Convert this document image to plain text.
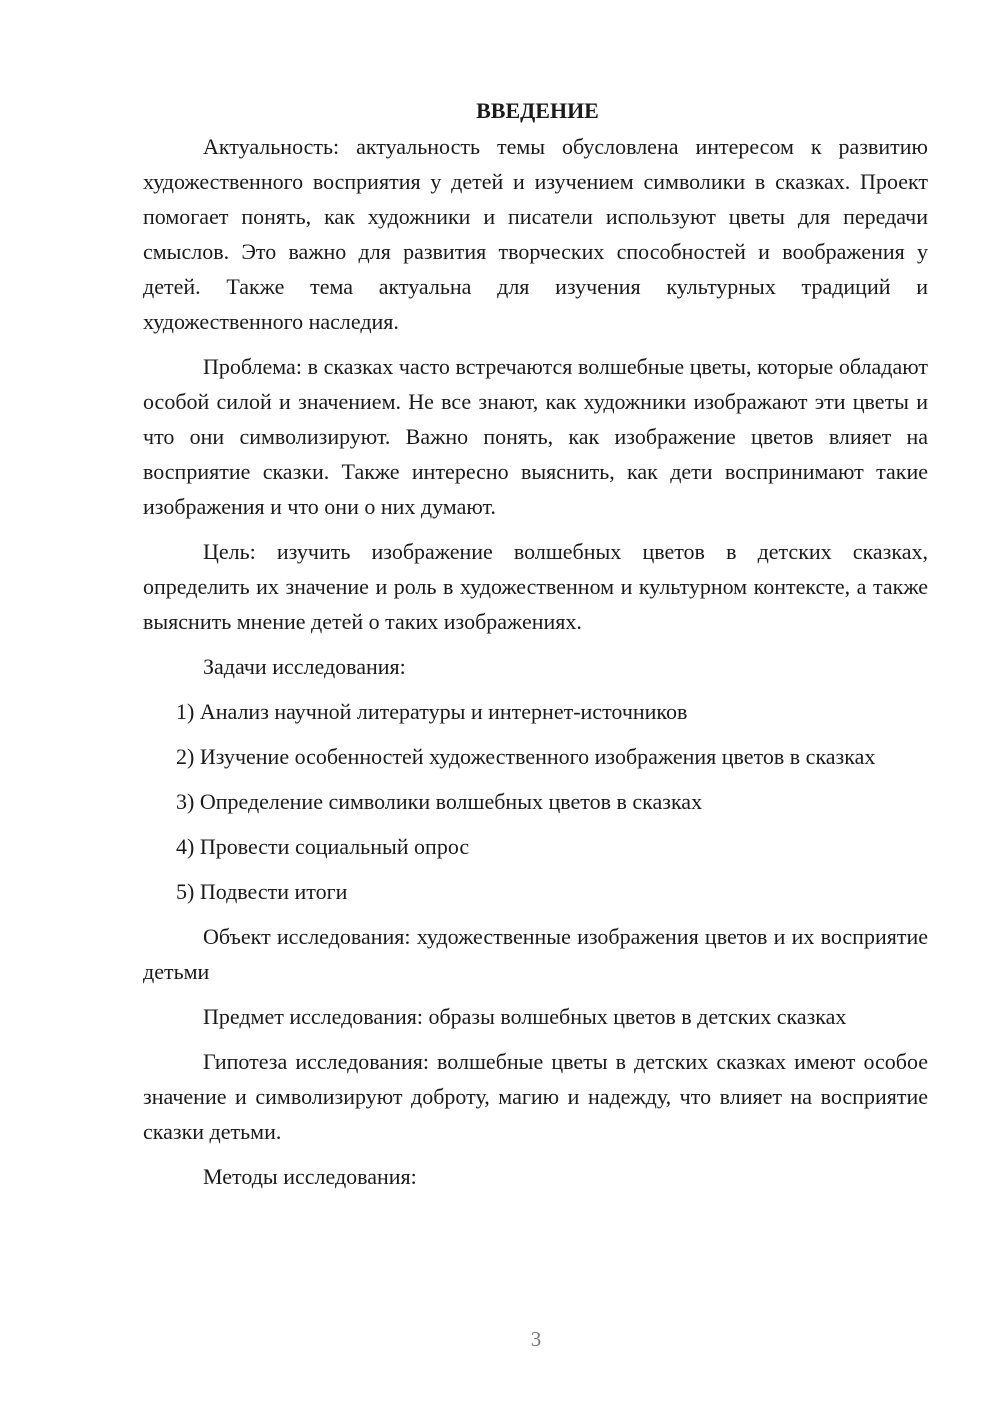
ВВЕДЕНИЕ

Актуальность: актуальность темы обусловлена интересом к развитию художественного восприятия у детей и изучением символики в сказках. Проект помогает понять, как художники и писатели используют цветы для передачи смыслов. Это важно для развития творческих способностей и воображения у детей. Также тема актуальна для изучения культурных традиций и художественного наследия.

Проблема: в сказках часто встречаются волшебные цветы, которые обладают особой силой и значением. Не все знают, как художники изображают эти цветы и что они символизируют. Важно понять, как изображение цветов влияет на восприятие сказки. Также интересно выяснить, как дети воспринимают такие изображения и что они о них думают.

Цель: изучить изображение волшебных цветов в детских сказках, определить их значение и роль в художественном и культурном контексте, а также выяснить мнение детей о таких изображениях.

Задачи исследования:

1) Анализ научной литературы и интернет-источников

2) Изучение особенностей художественного изображения цветов в сказках

3) Определение символики волшебных цветов в сказках

4) Провести социальный опрос

5) Подвести итоги

Объект исследования: художественные изображения цветов и их восприятие детьми

Предмет исследования: образы волшебных цветов в детских сказках

Гипотеза исследования: волшебные цветы в детских сказках имеют особое значение и символизируют доброту, магию и надежду, что влияет на восприятие сказки детьми.

Методы исследования:

3
